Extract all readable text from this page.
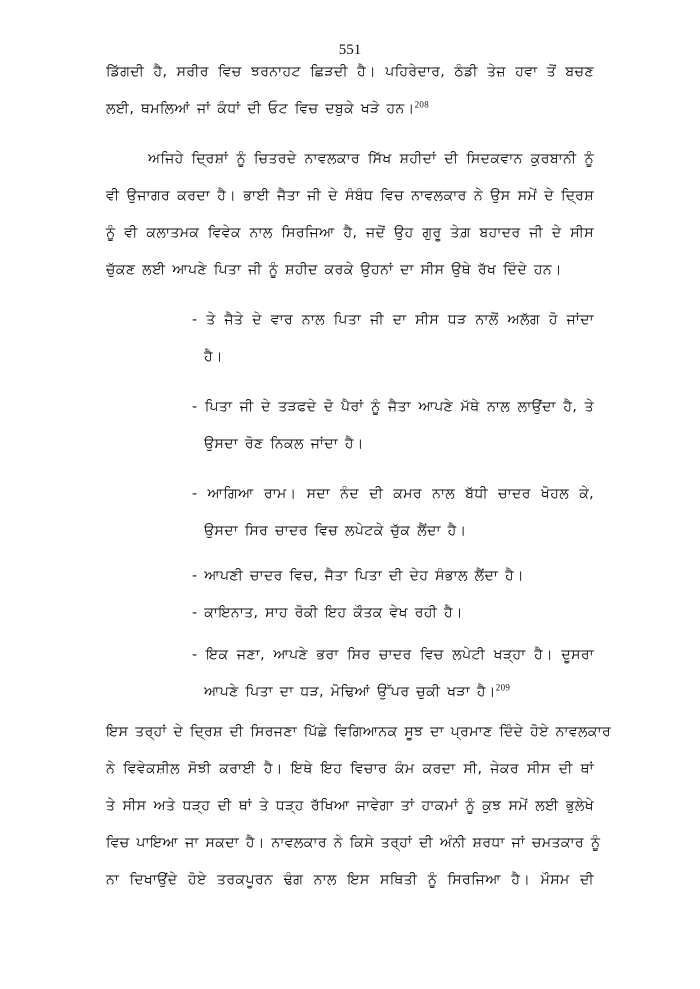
551
ਡਿੱਗਦੀ ਹੈ, ਸਰੀਰ ਵਿਚ ਝਰਨਾਹਟ ਛਿੜਦੀ ਹੈ। ਪਹਿਰੇਦਾਰ, ਠੰਡੀ ਤੇਜ਼ ਹਵਾ ਤੋਂ ਬਚਣ
ਲਈ, ਥਮਲਿਆਂ ਜਾਂ ਕੰਧਾਂ ਦੀ ਓਟ ਵਿਚ ਦਬੁਕੇ ਖੜੇ ਹਨ।$^{208}$
ਅਜਿਹੇ ਦ੍ਰਿਸ਼ਾਂ ਨੂੰ ਚਿਤਰਦੇ ਨਾਵਲਕਾਰ ਸਿੱਖ ਸ਼ਹੀਦਾਂ ਦੀ ਸਿਦਕਵਾਨ ਕੁਰਬਾਨੀ ਨੂੰ
ਵੀ ਉਜਾਗਰ ਕਰਦਾ ਹੈ। ਭਾਈ ਜੈਤਾ ਜੀ ਦੇ ਸੰਬੰਧ ਵਿਚ ਨਾਵਲਕਾਰ ਨੇ ਉਸ ਸਮੇਂ ਦੇ ਦ੍ਰਿਸ਼
ਨੂੰ ਵੀ ਕਲਾਤਮਕ ਵਿਵੇਕ ਨਾਲ ਸਿਰਜਿਆ ਹੈ, ਜਦੋਂ ਉਹ ਗੁਰੂ ਤੇਗ਼ ਬਹਾਦਰ ਜੀ ਦੇ ਸੀਸ
ਚੁੱਕਣ ਲਈ ਆਪਣੇ ਪਿਤਾ ਜੀ ਨੂੰ ਸ਼ਹੀਦ ਕਰਕੇ ਉਹਨਾਂ ਦਾ ਸੀਸ ਉਥੇ ਰੱਖ ਦਿੰਦੇ ਹਨ।
- ਤੇ ਜੈਤੇ ਦੇ ਵਾਰ ਨਾਲ ਪਿਤਾ ਜੀ ਦਾ ਸੀਸ ਧੜ ਨਾਲੋਂ ਅਲੱਗ ਹੋ ਜਾਂਦਾ
ਹੈ।
- ਪਿਤਾ ਜੀ ਦੇ ਤੜਫਦੇ ਦੋ ਪੈਰਾਂ ਨੂੰ ਜੈਤਾ ਆਪਣੇ ਮੱਥੇ ਨਾਲ ਲਾਉਂਦਾ ਹੈ, ਤੇ
ਉਸਦਾ ਰੋਣ ਨਿਕਲ ਜਾਂਦਾ ਹੈ।
- ਆਗਿਆ ਰਾਮ। ਸਦਾ ਨੰਦ ਦੀ ਕਮਰ ਨਾਲ ਬੱਧੀ ਚਾਦਰ ਖੋਹਲ ਕੇ,
ਉਸਦਾ ਸਿਰ ਚਾਦਰ ਵਿਚ ਲਪੇਟਕੇ ਚੁੱਕ ਲੈਂਦਾ ਹੈ।
- ਆਪਣੀ ਚਾਦਰ ਵਿਚ, ਜੈਤਾ ਪਿਤਾ ਦੀ ਦੇਹ ਸੰਭਾਲ ਲੈਂਦਾ ਹੈ।
- ਕਾਇਨਾਤ, ਸਾਹ ਰੋਕੀ ਇਹ ਕੌਤਕ ਵੇਖ ਰਹੀ ਹੈ।
- ਇਕ ਜਣਾ, ਆਪਣੇ ਭਰਾ ਸਿਰ ਚਾਦਰ ਵਿਚ ਲਪੇਟੀ ਖੜ੍ਹਾ ਹੈ। ਦੂਸਰਾ
ਆਪਣੇ ਪਿਤਾ ਦਾ ਧੜ, ਮੋਢਿਆਂ ਉੱਪਰ ਚੁਕੀ ਖੜਾ ਹੈ।$^{209}$
ਇਸ ਤਰ੍ਹਾਂ ਦੇ ਦ੍ਰਿਸ਼ ਦੀ ਸਿਰਜਣਾ ਪਿੱਛੇ ਵਿਗਿਆਨਕ ਸੂਝ ਦਾ ਪ੍ਰਮਾਣ ਦਿੰਦੇ ਹੋਏ ਨਾਵਲਕਾਰ
ਨੇ ਵਿਵੇਕਸ਼ੀਲ ਸੋਝੀ ਕਰਾਈ ਹੈ। ਇਥੇ ਇਹ ਵਿਚਾਰ ਕੰਮ ਕਰਦਾ ਸੀ, ਜੇਕਰ ਸੀਸ ਦੀ ਥਾਂ
ਤੇ ਸੀਸ ਅਤੇ ਧੜ੍ਹ ਦੀ ਥਾਂ ਤੇ ਧੜ੍ਹ ਰੱਖਿਆ ਜਾਵੇਗਾ ਤਾਂ ਹਾਕਮਾਂ ਨੂੰ ਕੁਝ ਸਮੇਂ ਲਈ ਭੁਲੇਖੇ
ਵਿਚ ਪਾਇਆ ਜਾ ਸਕਦਾ ਹੈ। ਨਾਵਲਕਾਰ ਨੇ ਕਿਸੇ ਤਰ੍ਹਾਂ ਦੀ ਅੰਨੀ ਸ਼ਰਧਾ ਜਾਂ ਚਮਤਕਾਰ ਨੂੰ
ਨਾ ਦਿਖਾਉਂਦੇ ਹੋਏ ਤਰਕਪੂਰਨ ਢੰਗ ਨਾਲ ਇਸ ਸਥਿਤੀ ਨੂੰ ਸਿਰਜਿਆ ਹੈ। ਮੌਸਮ ਦੀ
